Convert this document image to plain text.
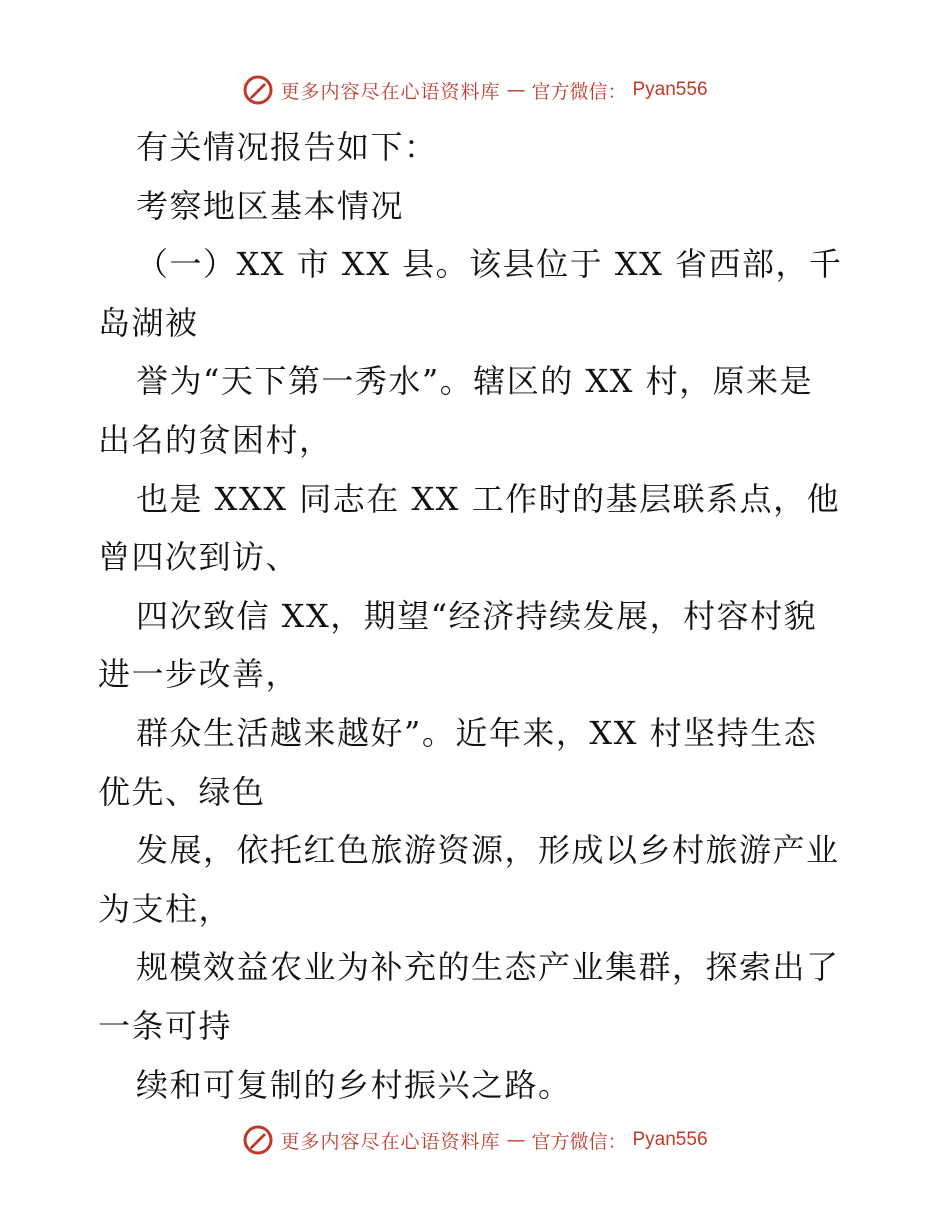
更多内容尽在心语资料库 — 官方微信： Pyan556

有关情况报告如下：

考察地区基本情况

（一）XX 市 XX 县。该县位于 XX 省西部，千

岛湖被

誉为“天下第一秀水”。辖区的 XX 村，原来是

出名的贫困村，

也是 XXX 同志在 XX 工作时的基层联系点，他

曾四次到访、

四次致信 XX，期望“经济持续发展，村容村貌

进一步改善，

群众生活越来越好”。近年来，XX 村坚持生态

优先、绿色

发展，依托红色旅游资源，形成以乡村旅游产业

为支柱，

规模效益农业为补充的生态产业集群，探索出了

一条可持

续和可复制的乡村振兴之路。

更多内容尽在心语资料库 — 官方微信： Pyan556
